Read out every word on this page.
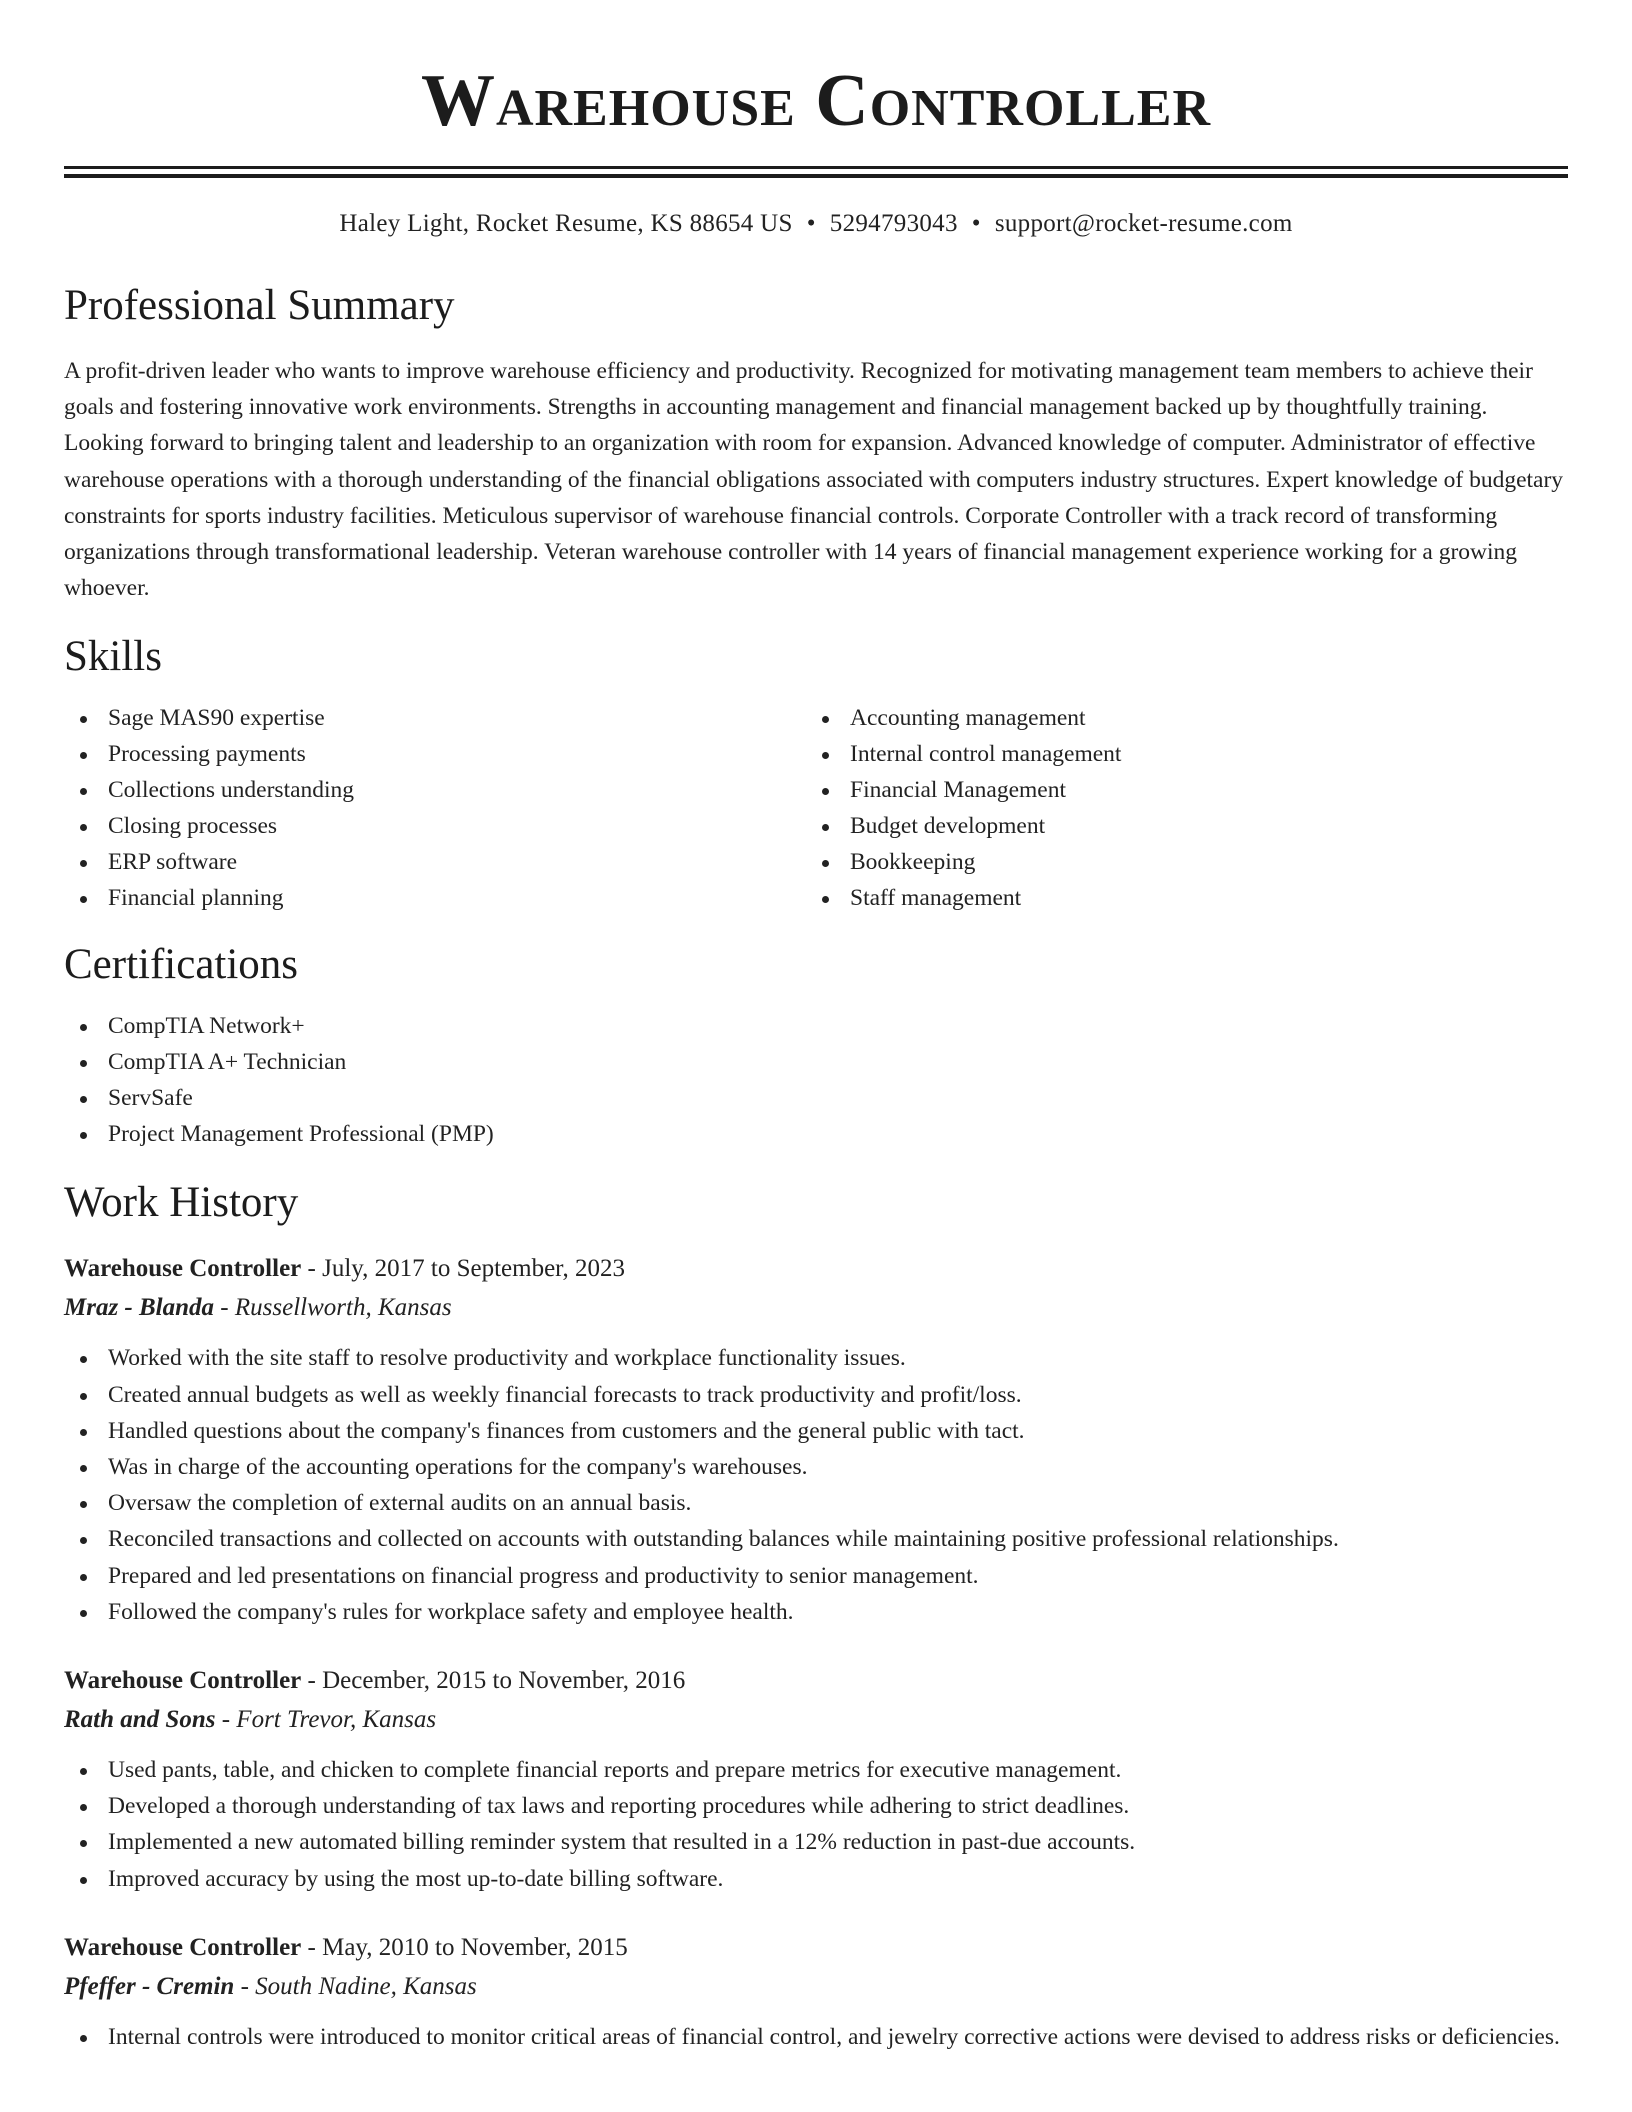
Warehouse Controller
Haley Light, Rocket Resume, KS 88654 US • 5294793043 • support@rocket-resume.com
Professional Summary

A profit-driven leader who wants to improve warehouse efficiency and productivity. Recognized for motivating management team members to achieve their goals and fostering innovative work environments. Strengths in accounting management and financial management backed up by thoughtfully training. Looking forward to bringing talent and leadership to an organization with room for expansion. Advanced knowledge of computer. Administrator of effective warehouse operations with a thorough understanding of the financial obligations associated with computers industry structures. Expert knowledge of budgetary constraints for sports industry facilities. Meticulous supervisor of warehouse financial controls. Corporate Controller with a track record of transforming organizations through transformational leadership. Veteran warehouse controller with 14 years of financial management experience working for a growing whoever.

Skills
Sage MAS90 expertise
Processing payments
Collections understanding
Closing processes
ERP software
Financial planning
Accounting management
Internal control management
Financial Management
Budget development
Bookkeeping
Staff management
Certifications
CompTIA Network+
CompTIA A+ Technician
ServSafe
Project Management Professional (PMP)
Work History
Warehouse Controller - July, 2017 to September, 2023
Mraz - Blanda - Russellworth, Kansas
Worked with the site staff to resolve productivity and workplace functionality issues.
Created annual budgets as well as weekly financial forecasts to track productivity and profit/loss.
Handled questions about the company's finances from customers and the general public with tact.
Was in charge of the accounting operations for the company's warehouses.
Oversaw the completion of external audits on an annual basis.
Reconciled transactions and collected on accounts with outstanding balances while maintaining positive professional relationships.
Prepared and led presentations on financial progress and productivity to senior management.
Followed the company's rules for workplace safety and employee health.
Warehouse Controller - December, 2015 to November, 2016
Rath and Sons - Fort Trevor, Kansas
Used pants, table, and chicken to complete financial reports and prepare metrics for executive management.
Developed a thorough understanding of tax laws and reporting procedures while adhering to strict deadlines.
Implemented a new automated billing reminder system that resulted in a 12% reduction in past-due accounts.
Improved accuracy by using the most up-to-date billing software.
Warehouse Controller - May, 2010 to November, 2015
Pfeffer - Cremin - South Nadine, Kansas
Internal controls were introduced to monitor critical areas of financial control, and jewelry corrective actions were devised to address risks or deficiencies.
